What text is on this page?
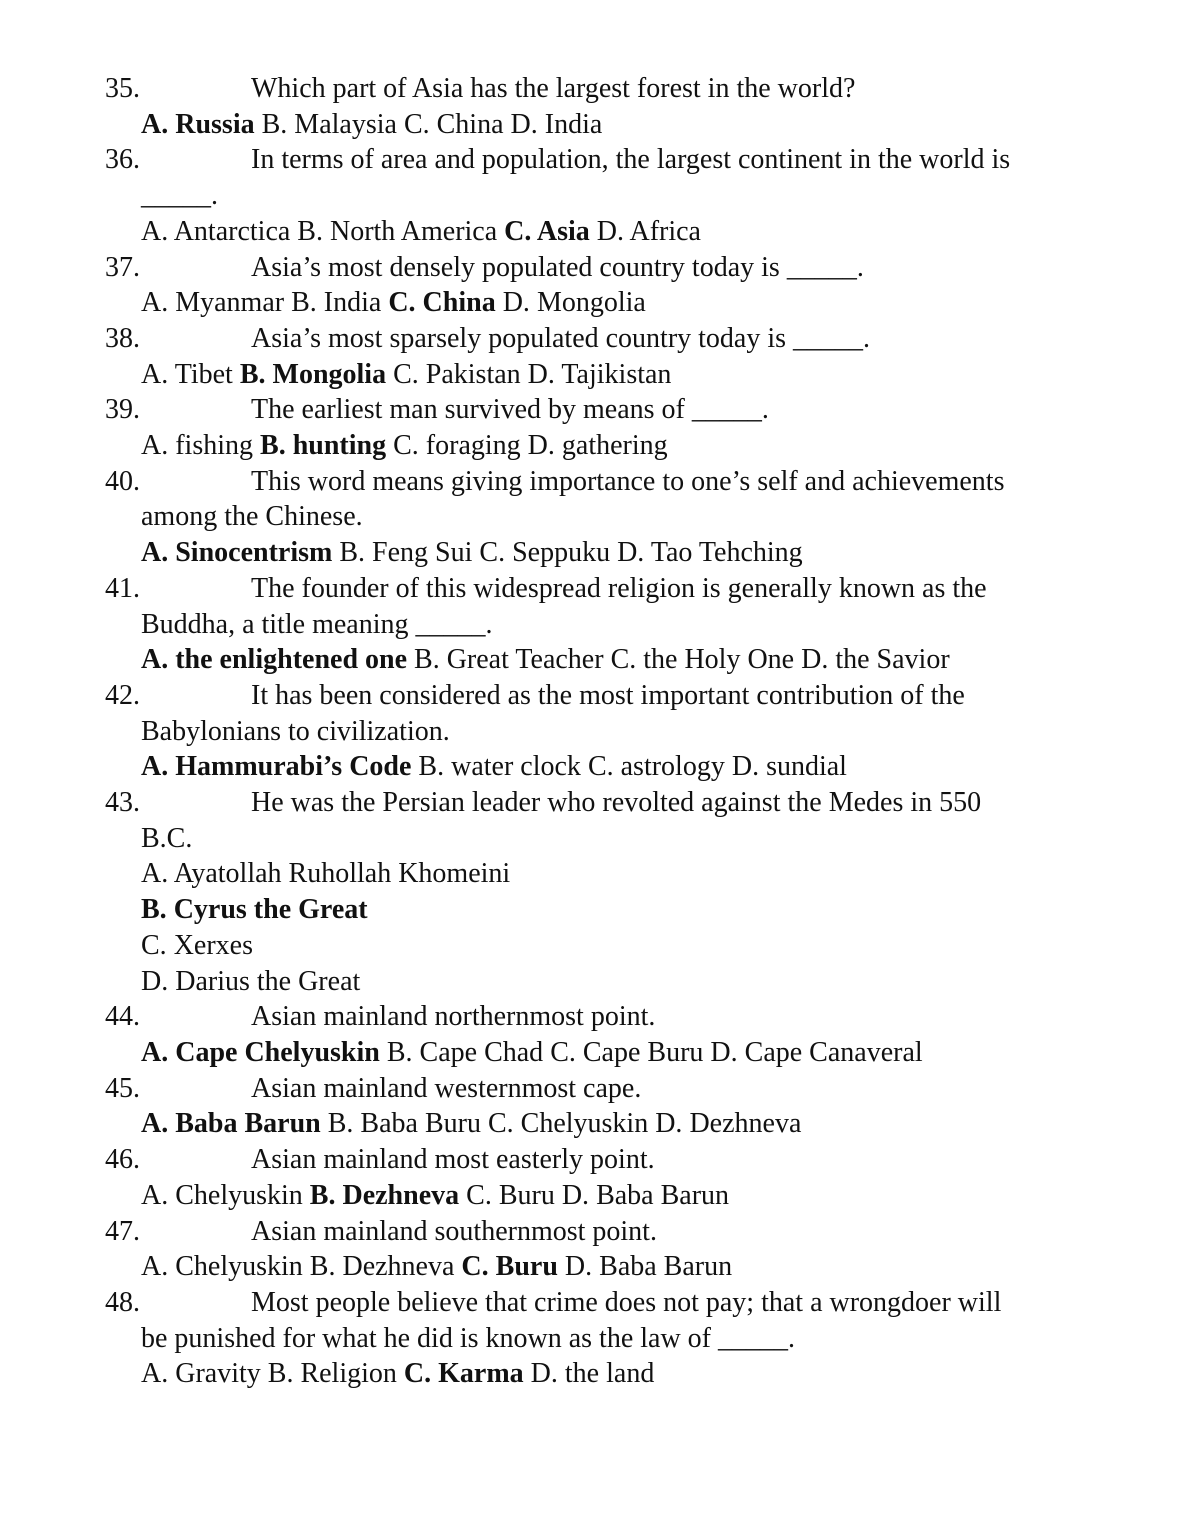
35.	Which part of Asia has the largest forest in the world?
A. Russia B. Malaysia C. China D. India
36.	In terms of area and population, the largest continent in the world is
_____.
A. Antarctica B. North America C. Asia D. Africa
37.	Asia’s most densely populated country today is _____.
A. Myanmar B. India C. China D. Mongolia
38.	Asia’s most sparsely populated country today is _____.
A. Tibet B. Mongolia C. Pakistan D. Tajikistan
39.	The earliest man survived by means of _____.
A. fishing B. hunting C. foraging D. gathering
40.	This word means giving importance to one’s self and achievements
among the Chinese.
A. Sinocentrism B. Feng Sui C. Seppuku D. Tao Tehching
41.	The founder of this widespread religion is generally known as the
Buddha, a title meaning _____.
A. the enlightened one B. Great Teacher C. the Holy One D. the Savior
42.	It has been considered as the most important contribution of the
Babylonians to civilization.
A. Hammurabi’s Code B. water clock C. astrology D. sundial
43.	He was the Persian leader who revolted against the Medes in 550
B.C.
A. Ayatollah Ruhollah Khomeini
B. Cyrus the Great
C. Xerxes
D. Darius the Great
44.	Asian mainland northernmost point.
A. Cape Chelyuskin B. Cape Chad C. Cape Buru D. Cape Canaveral
45.	Asian mainland westernmost cape.
A. Baba Barun B. Baba Buru C. Chelyuskin D. Dezhneva
46.	Asian mainland most easterly point.
A. Chelyuskin B. Dezhneva C. Buru D. Baba Barun
47.	Asian mainland southernmost point.
A. Chelyuskin B. Dezhneva C. Buru D. Baba Barun
48.	Most people believe that crime does not pay; that a wrongdoer will
be punished for what he did is known as the law of _____.
A. Gravity B. Religion C. Karma D. the land
